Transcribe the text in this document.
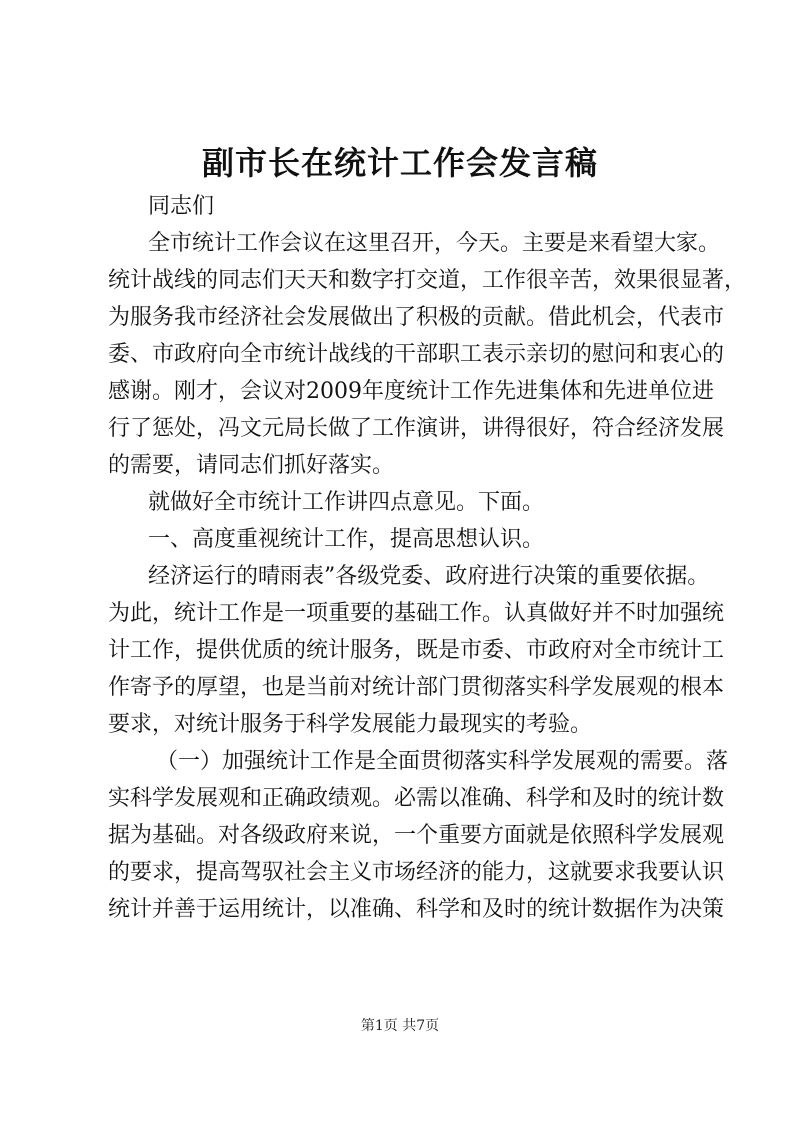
副市长在统计工作会发言稿
同志们
全市统计工作会议在这里召开，今天。主要是来看望大家。
统计战线的同志们天天和数字打交道，工作很辛苦，效果很显著，
为服务我市经济社会发展做出了积极的贡献。借此机会，代表市
委、市政府向全市统计战线的干部职工表示亲切的慰问和衷心的
感谢。刚才，会议对2009年度统计工作先进集体和先进单位进
行了惩处，冯文元局长做了工作演讲，讲得很好，符合经济发展
的需要，请同志们抓好落实。
就做好全市统计工作讲四点意见。下面。
一、高度重视统计工作，提高思想认识。
经济运行的晴雨表”各级党委、政府进行决策的重要依据。
为此，统计工作是一项重要的基础工作。认真做好并不时加强统
计工作，提供优质的统计服务，既是市委、市政府对全市统计工
作寄予的厚望，也是当前对统计部门贯彻落实科学发展观的根本
要求，对统计服务于科学发展能力最现实的考验。
（一）加强统计工作是全面贯彻落实科学发展观的需要。落
实科学发展观和正确政绩观。必需以准确、科学和及时的统计数
据为基础。对各级政府来说，一个重要方面就是依照科学发展观
的要求，提高驾驭社会主义市场经济的能力，这就要求我要认识
统计并善于运用统计，以准确、科学和及时的统计数据作为决策
第1页 共7页
